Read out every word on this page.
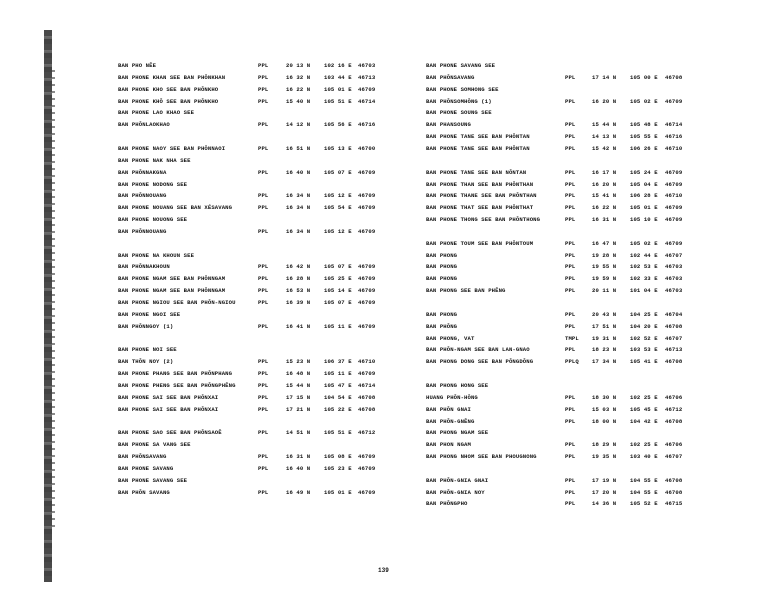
BAN PHO NÊE	PPL	20 13 N 102 16 E 46703
BAN PHONE KHAN SEE BAN PHÔNKHAN	PPL	16 32 N 103 44 E 46713
BAN PHONE KHO SEE BAN PHÔNKHO	PPL	16 22 N 105 01 E 46709
BAN PHONE KHÔ SEE BAN PHÔNKHO	PPL	15 40 N 105 51 E 46714
BAN PHONE LAO KHAO SEE
BAN PHÔNLAOKHAO	PPL	14 12 N 105 56 E 46716
BAN PHONE NAOY SEE BAN PHÔNNAOI	PPL	16 51 N 105 13 E 46700
BAN PHONE NAK NHA SEE
BAN PHÔNNAKGNA	PPL	16 40 N 105 07 E 46709
BAN PHONE NODONG SEE
BAN PHÔNNOUANG	PPL	16 34 N 105 12 E 46709
BAN PHONE NOUANG SEE BAN XÉSAVANG	PPL	16 34 N 105 54 E 46709
BAN PHONE NOUONG SEE
BAN PHÔNNOUANG	PPL	16 34 N 105 12 E 46709
BAN PHONE NA KHOUN SEE
BAN PHÔNNAKHOUN	PPL	16 42 N 105 07 E 46709
BAN PHONE NGAM SEE BAN PHÔNNGAM	PPL	16 28 N 105 25 E 46709
BAN PHONE NGAM SEE BAN PHÔNNGAM	PPL	16 53 N 105 14 E 46709
BAN PHONE NGIOU SEE BAN PHÔN-NGIOU	PPL	16 39 N 105 07 E 46709
BAN PHONE NGOI SEE
BAN PHÔNNGOY (1)	PPL	16 41 N 105 11 E 46709
BAN PHONE NOI SEE
BAN THÔN NOY (2)	PPL	15 23 N 106 37 E 46710
BAN PHONE PHANG SEE BAN PHÔNPHANG	PPL	16 48 N 105 11 E 46709
BAN PHONE PHENG SEE BAN PHÔNGPHÊNG	PPL	15 44 N 105 47 E 46714
BAN PHONE SAI SEE BAN PHÔNXAI	PPL	17 15 N 104 54 E 46708
BAN PHONE SAI SEE BAN PHÔNXAI	PPL	17 21 N 105 22 E 46708
BAN PHONE SAO SEE BAN PHÔNSAOÊ	PPL	14 51 N 105 51 E 46712
BAN PHONE SA VANG SEE
BAN PHÔNSAVANG	PPL	16 31 N 105 08 E 46709
BAN PHONE SAVANG	PPL	16 40 N 105 23 E 46709
BAN PHONE SAVANG SEE
BAN PHÔN SAVANG	PPL	16 49 N 105 01 E 46709
BAN PHONE SAVANG SEE
BAN PHÔNSAVANG	PPL	17 14 N 105 00 E 46708
BAN PHONE SOMHONG SEE
BAN PHÔNSOMHÔNG (1)	PPL	16 20 N 105 02 E 46709
BAN PHONE SOUNG SEE
BAN PHANSOUNG	PPL	15 44 N 105 48 E 46714
BAN PHONE TANE SEE BAN PHÔNTAN	PPL	14 13 N 105 55 E 46716
BAN PHONE TANE SEE BAN PHÔNTAN	PPL	15 42 N 106 26 E 46710
BAN PHONE TANE SEE BAN NÔNTAN	PPL	16 17 N 105 24 E 46709
BAN PHONE THAN SEE BAN PHÔNTHAN	PPL	16 20 N 105 04 E 46709
BAN PHONE THANE SEE BAN PHÔNTHAN	PPL	15 41 N 106 28 E 46710
BAN PHONE THAT SEE BAN PHÔNTHAT	PPL	16 22 N 105 01 E 46709
BAN PHONE THONG SEE BAN PHÔNTHONG	PPL	16 31 N 105 10 E 46709
BAN PHONE TOUM SEE BAN PHÔNTOUM	PPL	16 47 N 105 02 E 46709
BAN PHONG	PPL	19 28 N 102 44 E 46707
BAN PHONG	PPL	19 55 N 102 53 E 46703
BAN PHONG	PPL	19 59 N 102 33 E 46703
BAN PHONG SEE BAN PHÊNG	PPL	20 11 N 101 04 E 46703
BAN PHONG	PPL	20 43 N 104 25 E 46704
BAN PHÔNG	PPL	17 51 N 104 20 E 46708
BAN PHONG, VAT	TMPL 19 31 N 102 52 E 46707
BAN PHÔN-NGAM SEE BAN LAN-GNAO	PPL	18 23 N 103 53 E 46713
BAN PHONG DONG SEE BAN PÔNGDÔNG	PPLQ 17 34 N 105 41 E 46708
BAN PHONG HONG SEE
HUANG PHÔN-HÔNG	PPL	18 30 N 102 25 E 46706
BAN PHÔN GNAI	PPL	15 03 N 105 45 E 46712
BAN PHÔN-GNÊNG	PPL	18 00 N 104 42 E 46708
BAN PHONG NGAM SEE
BAN PHON NGAM	PPL	18 29 N 102 25 E 46706
BAN PHONG NHOM SEE BAN PHOUGNONG	PPL	19 35 N 103 40 E 46707
BAN PHÔN-GNIA GNAI	PPL	17 19 N 104 55 E 46708
BAN PHÔN-GNIA NOY	PPL	17 20 N 104 55 E 46708
BAN PHÔNGPHO	PPL	14 36 N 105 52 E 46715
139
